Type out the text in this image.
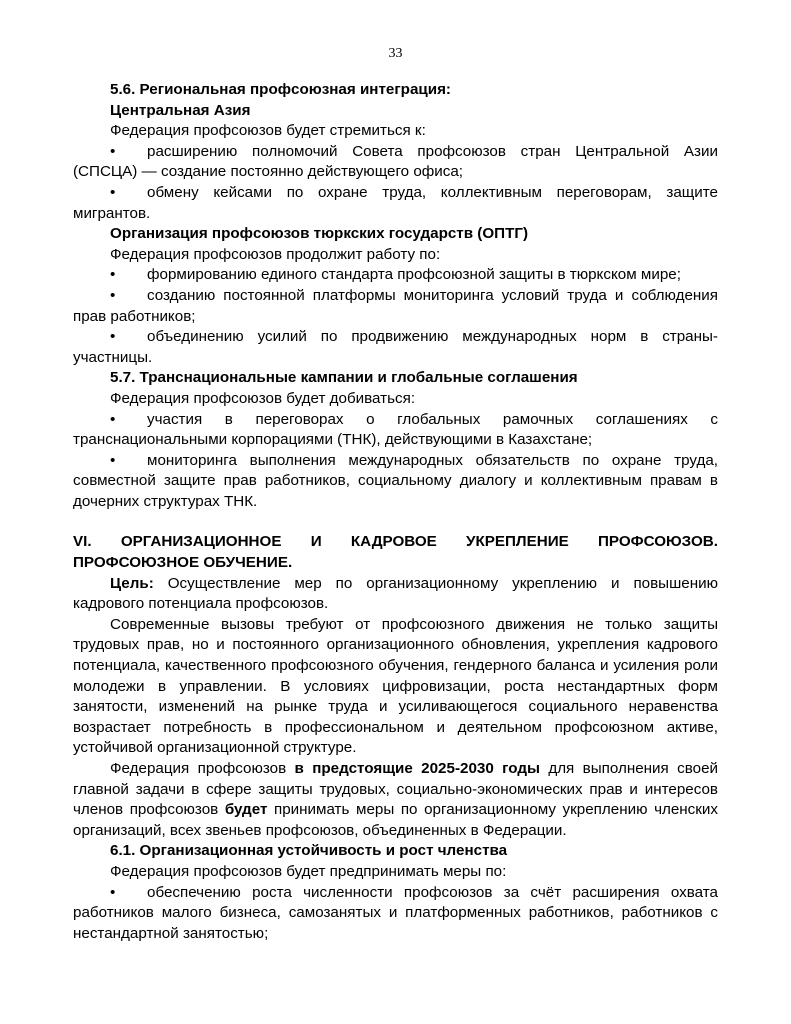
33

5.6. Региональная профсоюзная интеграция:

Центральная Азия

Федерация профсоюзов будет стремиться к:

• расширению полномочий Совета профсоюзов стран Центральной Азии (СПСЦА) — создание постоянно действующего офиса;

• обмену кейсами по охране труда, коллективным переговорам, защите мигрантов.

Организация профсоюзов тюркских государств (ОПТГ)

Федерация профсоюзов продолжит работу по:

• формированию единого стандарта профсоюзной защиты в тюркском мире;

• созданию постоянной платформы мониторинга условий труда и соблюдения прав работников;

• объединению усилий по продвижению международных норм в страны-участницы.

5.7. Транснациональные кампании и глобальные соглашения

Федерация профсоюзов будет добиваться:

• участия в переговорах о глобальных рамочных соглашениях с транснациональными корпорациями (ТНК), действующими в Казахстане;

• мониторинга выполнения международных обязательств по охране труда, совместной защите прав работников, социальному диалогу и коллективным правам в дочерних структурах ТНК.

VI. ОРГАНИЗАЦИОННОЕ И КАДРОВОЕ УКРЕПЛЕНИЕ ПРОФСОЮЗОВ. ПРОФСОЮЗНОЕ ОБУЧЕНИЕ.

Цель: Осуществление мер по организационному укреплению и повышению кадрового потенциала профсоюзов.

Современные вызовы требуют от профсоюзного движения не только защиты трудовых прав, но и постоянного организационного обновления, укрепления кадрового потенциала, качественного профсоюзного обучения, гендерного баланса и усиления роли молодежи в управлении. В условиях цифровизации, роста нестандартных форм занятости, изменений на рынке труда и усиливающегося социального неравенства возрастает потребность в профессиональном и деятельном профсоюзном активе, устойчивой организационной структуре.

Федерация профсоюзов в предстоящие 2025-2030 годы для выполнения своей главной задачи в сфере защиты трудовых, социально-экономических прав и интересов членов профсоюзов будет принимать меры по организационному укреплению членских организаций, всех звеньев профсоюзов, объединенных в Федерации.

6.1. Организационная устойчивость и рост членства

Федерация профсоюзов будет предпринимать меры по:

• обеспечению роста численности профсоюзов за счёт расширения охвата работников малого бизнеса, самозанятых и платформенных работников, работников с нестандартной занятостью;
